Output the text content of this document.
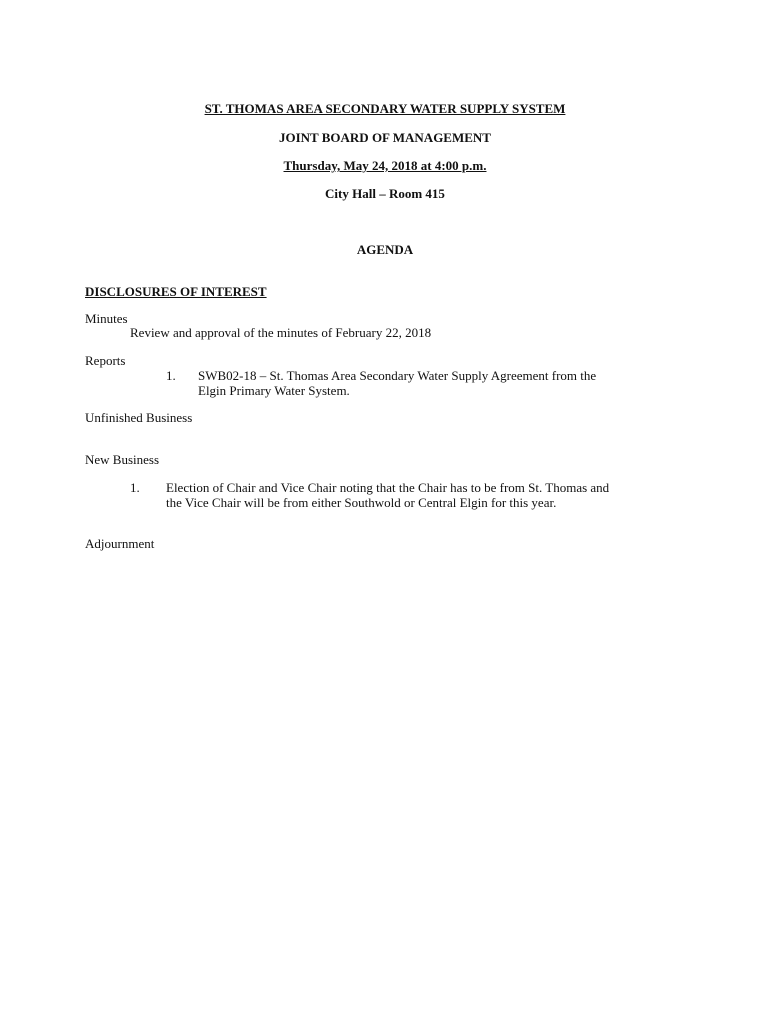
ST. THOMAS AREA SECONDARY WATER SUPPLY SYSTEM
JOINT BOARD OF MANAGEMENT
Thursday, May 24, 2018 at 4:00 p.m.
City Hall – Room 415
AGENDA
DISCLOSURES OF INTEREST
Minutes
Review and approval of the minutes of February 22, 2018
Reports
1. SWB02-18 – St. Thomas Area Secondary Water Supply Agreement from the
Elgin Primary Water System.
Unfinished Business
New Business
1. Election of Chair and Vice Chair noting that the Chair has to be from St. Thomas and
the Vice Chair will be from either Southwold or Central Elgin for this year.
Adjournment
